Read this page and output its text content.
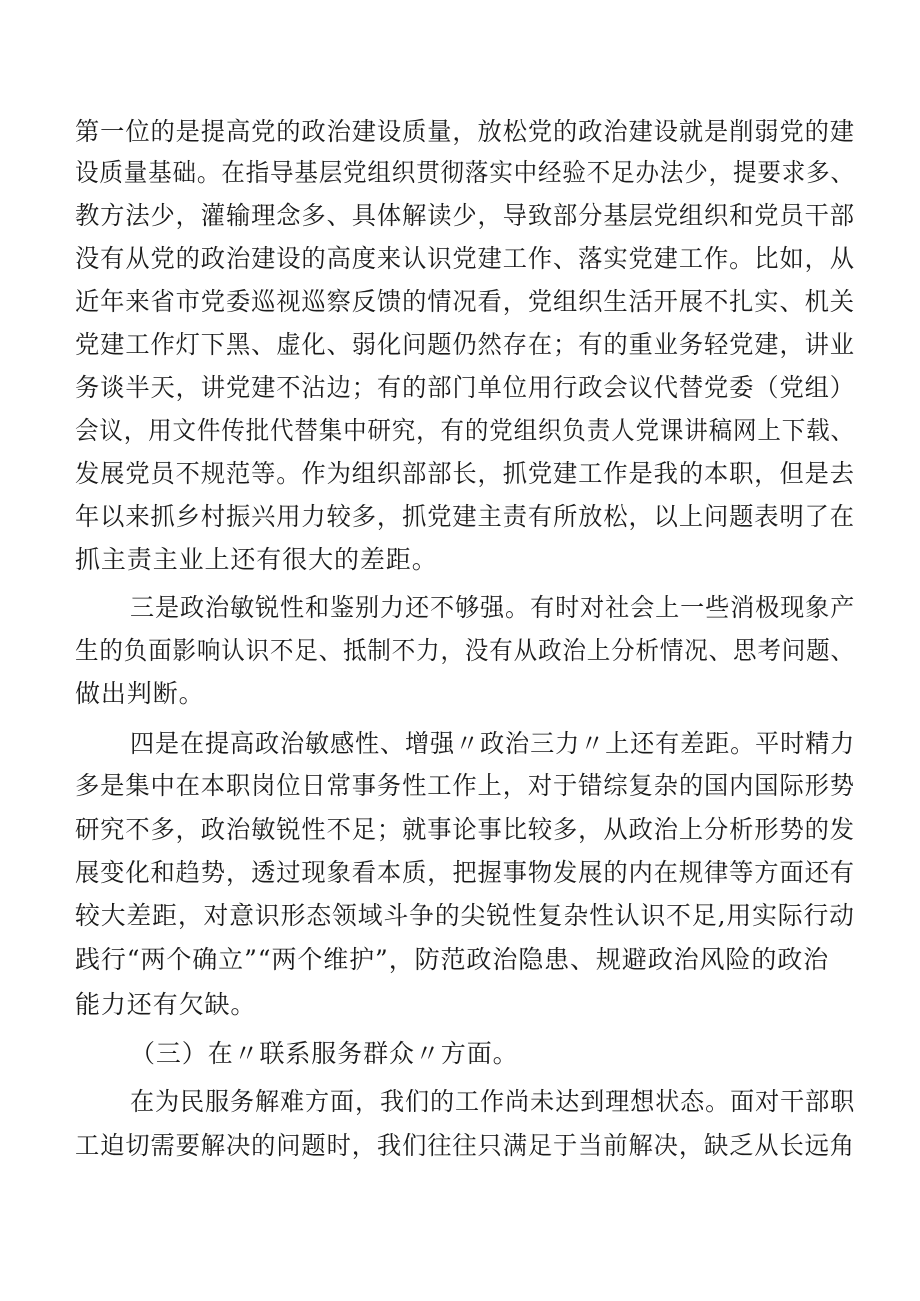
第一位的是提高党的政治建设质量，放松党的政治建设就是削弱党的建
设质量基础。在指导基层党组织贯彻落实中经验不足办法少，提要求多、
教方法少，灌输理念多、具体解读少，导致部分基层党组织和党员干部
没有从党的政治建设的高度来认识党建工作、落实党建工作。比如，从
近年来省市党委巡视巡察反馈的情况看，党组织生活开展不扎实、机关
党建工作灯下黑、虚化、弱化问题仍然存在；有的重业务轻党建，讲业
务谈半天，讲党建不沾边；有的部门单位用行政会议代替党委（党组）
会议，用文件传批代替集中研究，有的党组织负责人党课讲稿网上下载、
发展党员不规范等。作为组织部部长，抓党建工作是我的本职，但是去
年以来抓乡村振兴用力较多，抓党建主责有所放松，以上问题表明了在
抓主责主业上还有很大的差距。
三是政治敏锐性和鉴别力还不够强。有时对社会上一些消极现象产
生的负面影响认识不足、抵制不力，没有从政治上分析情况、思考问题、
做出判断。
四是在提高政治敏感性、增强〃政治三力〃上还有差距。平时精力
多是集中在本职岗位日常事务性工作上，对于错综复杂的国内国际形势
研究不多，政治敏锐性不足；就事论事比较多，从政治上分析形势的发
展变化和趋势，透过现象看本质，把握事物发展的内在规律等方面还有
较大差距，对意识形态领域斗争的尖锐性复杂性认识不足,用实际行动
践行“两个确立”“两个维护”，防范政治隐患、规避政治风险的政治
能力还有欠缺。
（三）在〃联系服务群众〃方面。
在为民服务解难方面，我们的工作尚未达到理想状态。面对干部职
工迫切需要解决的问题时，我们往往只满足于当前解决，缺乏从长远角
